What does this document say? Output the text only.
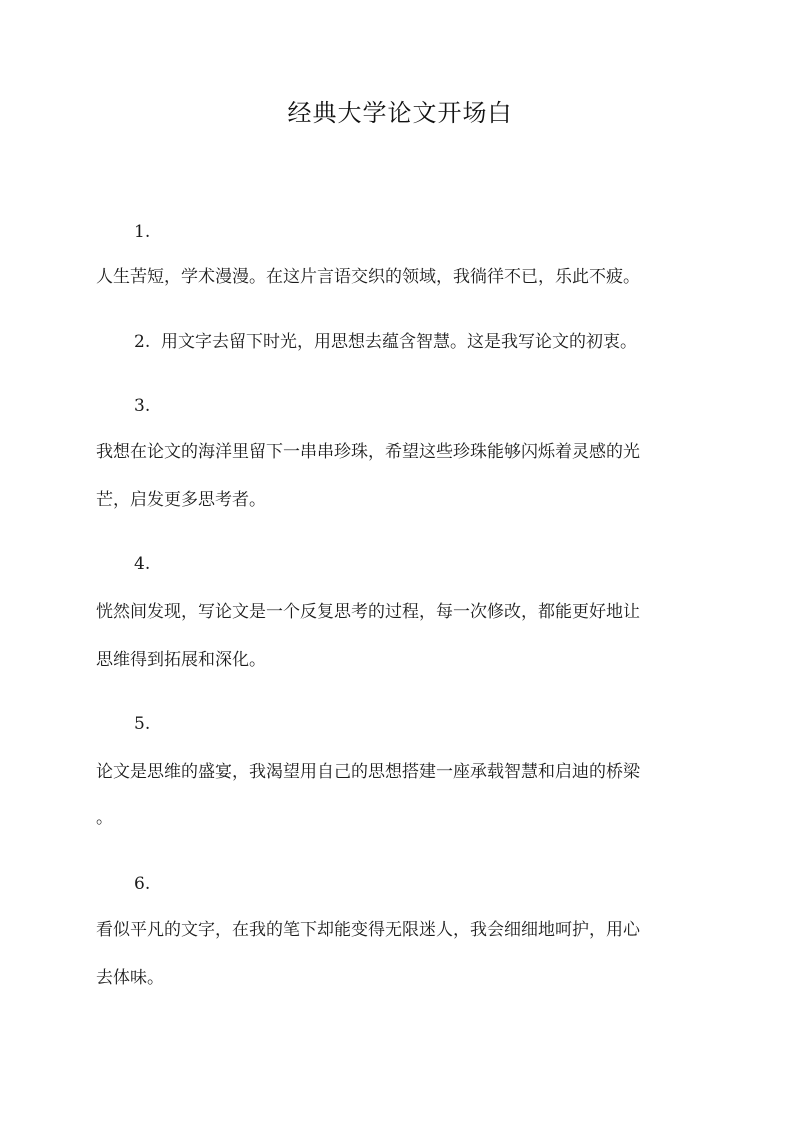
经典大学论文开场白
1.
人生苦短，学术漫漫。在这片言语交织的领域，我徜徉不已，乐此不疲。
2. 用文字去留下时光，用思想去蕴含智慧。这是我写论文的初衷。
3.
我想在论文的海洋里留下一串串珍珠，希望这些珍珠能够闪烁着灵感的光
芒，启发更多思考者。
4.
恍然间发现，写论文是一个反复思考的过程，每一次修改，都能更好地让
思维得到拓展和深化。
5.
论文是思维的盛宴，我渴望用自己的思想搭建一座承载智慧和启迪的桥梁
。
6.
看似平凡的文字，在我的笔下却能变得无限迷人，我会细细地呵护，用心
去体味。
